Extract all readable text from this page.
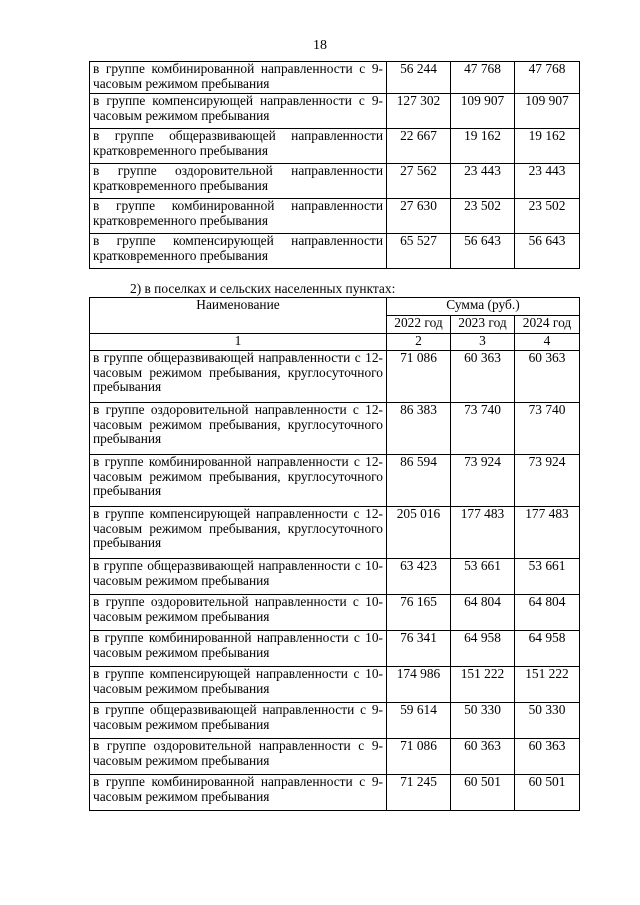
18
в группе комбинированной направленности с 9-часовым режимом пребывания	56 244	47 768	47 768
в группе компенсирующей направленности с 9-часовым режимом пребывания	127 302	109 907	109 907
в группе общеразвивающей направленности кратковременного пребывания	22 667	19 162	19 162
в группе оздоровительной направленности кратковременного пребывания	27 562	23 443	23 443
в группе комбинированной направленности кратковременного пребывания	27 630	23 502	23 502
в группе компенсирующей направленности кратковременного пребывания	65 527	56 643	56 643
2) в поселках и сельских населенных пунктах:
Наименование	Сумма (руб.)		
	2022 год	2023 год	2024 год
1	2	3	4
в группе общеразвивающей направленности с 12-часовым режимом пребывания, круглосуточного пребывания	71 086	60 363	60 363
в группе оздоровительной направленности с 12-часовым режимом пребывания, круглосуточного пребывания	86 383	73 740	73 740
в группе комбинированной направленности с 12-часовым режимом пребывания, круглосуточного пребывания	86 594	73 924	73 924
в группе компенсирующей направленности с 12-часовым режимом пребывания, круглосуточного пребывания	205 016	177 483	177 483
в группе общеразвивающей направленности с 10-часовым режимом пребывания	63 423	53 661	53 661
в группе оздоровительной направленности с 10-часовым режимом пребывания	76 165	64 804	64 804
в группе комбинированной направленности с 10-часовым режимом пребывания	76 341	64 958	64 958
в группе компенсирующей направленности с 10-часовым режимом пребывания	174 986	151 222	151 222
в группе общеразвивающей направленности с 9-часовым режимом пребывания	59 614	50 330	50 330
в группе оздоровительной направленности с 9-часовым режимом пребывания	71 086	60 363	60 363
в группе комбинированной направленности с 9-часовым режимом пребывания	71 245	60 501	60 501
